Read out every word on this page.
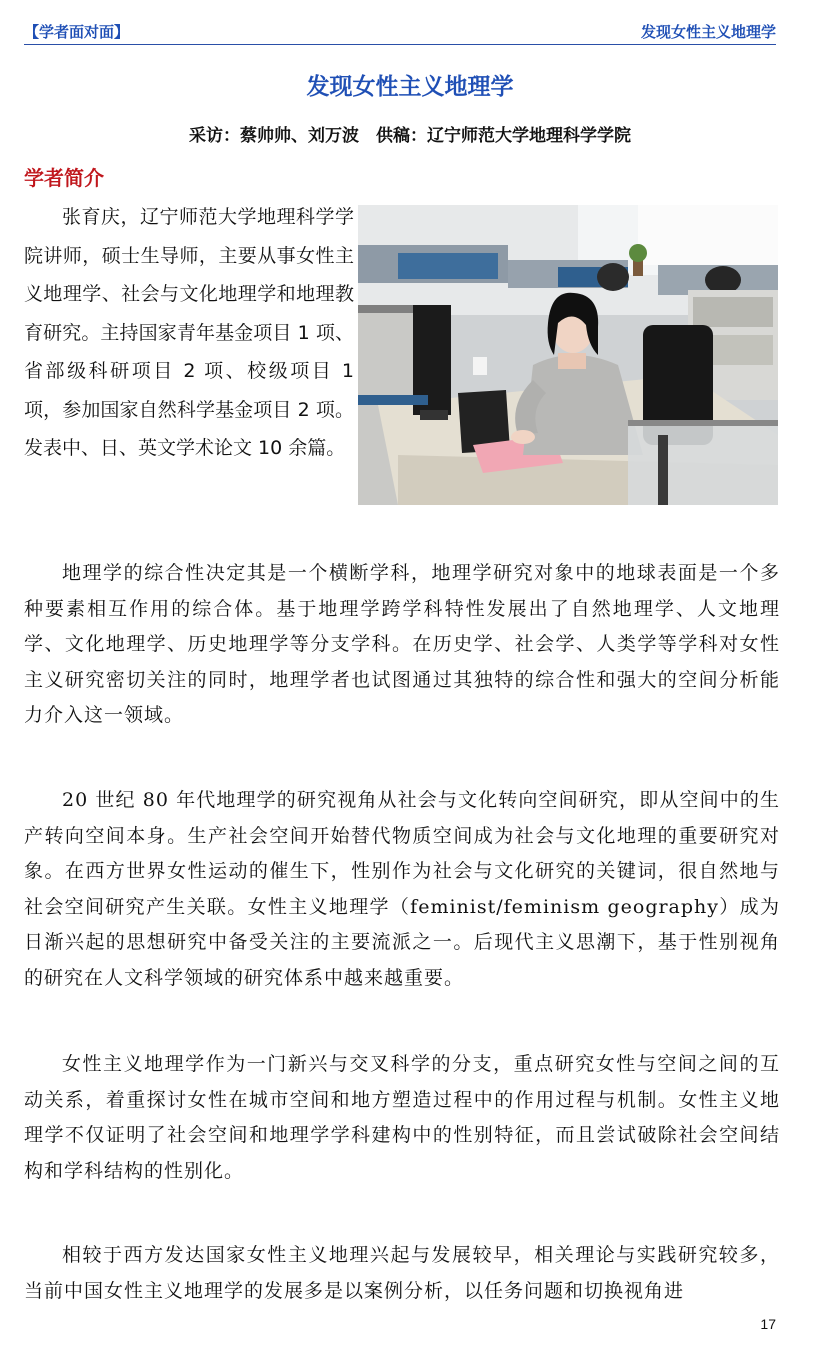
【学者面对面】	发现女性主义地理学
发现女性主义地理学
采访：蔡帅帅、刘万波　供稿：辽宁师范大学地理科学学院
学者简介

张育庆，辽宁师范大学地理科学学院讲师，硕士生导师，主要从事女性主义地理学、社会与文化地理学和地理教育研究。主持国家青年基金项目 1 项、省部级科研项目 2 项、校级项目 1 项，参加国家自然科学基金项目 2 项。发表中、日、英文学术论文 10 余篇。

地理学的综合性决定其是一个横断学科，地理学研究对象中的地球表面是一个多种要素相互作用的综合体。基于地理学跨学科特性发展出了自然地理学、人文地理学、文化地理学、历史地理学等分支学科。在历史学、社会学、人类学等学科对女性主义研究密切关注的同时，地理学者也试图通过其独特的综合性和强大的空间分析能力介入这一领域。

20 世纪 80 年代地理学的研究视角从社会与文化转向空间研究，即从空间中的生产转向空间本身。生产社会空间开始替代物质空间成为社会与文化地理的重要研究对象。在西方世界女性运动的催生下，性别作为社会与文化研究的关键词，很自然地与社会空间研究产生关联。女性主义地理学（feminist/feminism geography）成为日渐兴起的思想研究中备受关注的主要流派之一。后现代主义思潮下，基于性别视角的研究在人文科学领域的研究体系中越来越重要。

女性主义地理学作为一门新兴与交叉科学的分支，重点研究女性与空间之间的互动关系，着重探讨女性在城市空间和地方塑造过程中的作用过程与机制。女性主义地理学不仅证明了社会空间和地理学学科建构中的性别特征，而且尝试破除社会空间结构和学科结构的性别化。

相较于西方发达国家女性主义地理兴起与发展较早，相关理论与实践研究较多，当前中国女性主义地理学的发展多是以案例分析，以任务问题和切换视角进

17
